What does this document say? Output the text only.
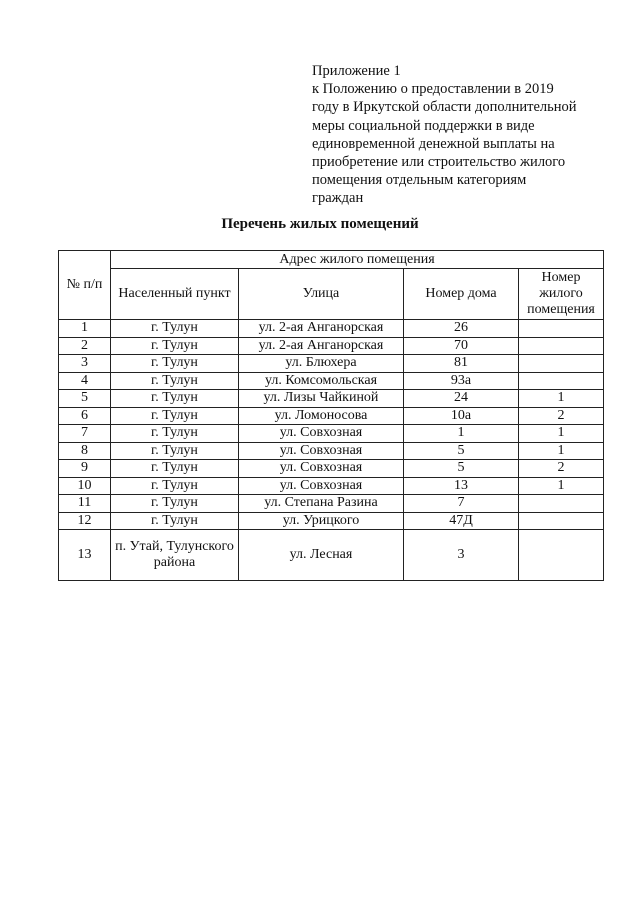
Приложение 1
к Положению о предоставлении в 2019
году в Иркутской области дополнительной
меры социальной поддержки в виде
единовременной денежной выплаты на
приобретение или строительство жилого
помещения отдельным категориям
граждан
Перечень жилых помещений
№ п/п	Адрес жилого помещения			
	Населенный пункт	Улица	Номер дома	Номер жилого помещения
1	г. Тулун	ул. 2-ая Анганорская	26	
2	г. Тулун	ул. 2-ая Анганорская	70	
3	г. Тулун	ул. Блюхера	81	
4	г. Тулун	ул. Комсомольская	93а	
5	г. Тулун	ул. Лизы Чайкиной	24	1
6	г. Тулун	ул. Ломоносова	10а	2
7	г. Тулун	ул. Совхозная	1	1
8	г. Тулун	ул. Совхозная	5	1
9	г. Тулун	ул. Совхозная	5	2
10	г. Тулун	ул. Совхозная	13	1
11	г. Тулун	ул. Степана Разина	7	
12	г. Тулун	ул. Урицкого	47Д	
13	п. Утай, Тулунского района	ул. Лесная	3	
